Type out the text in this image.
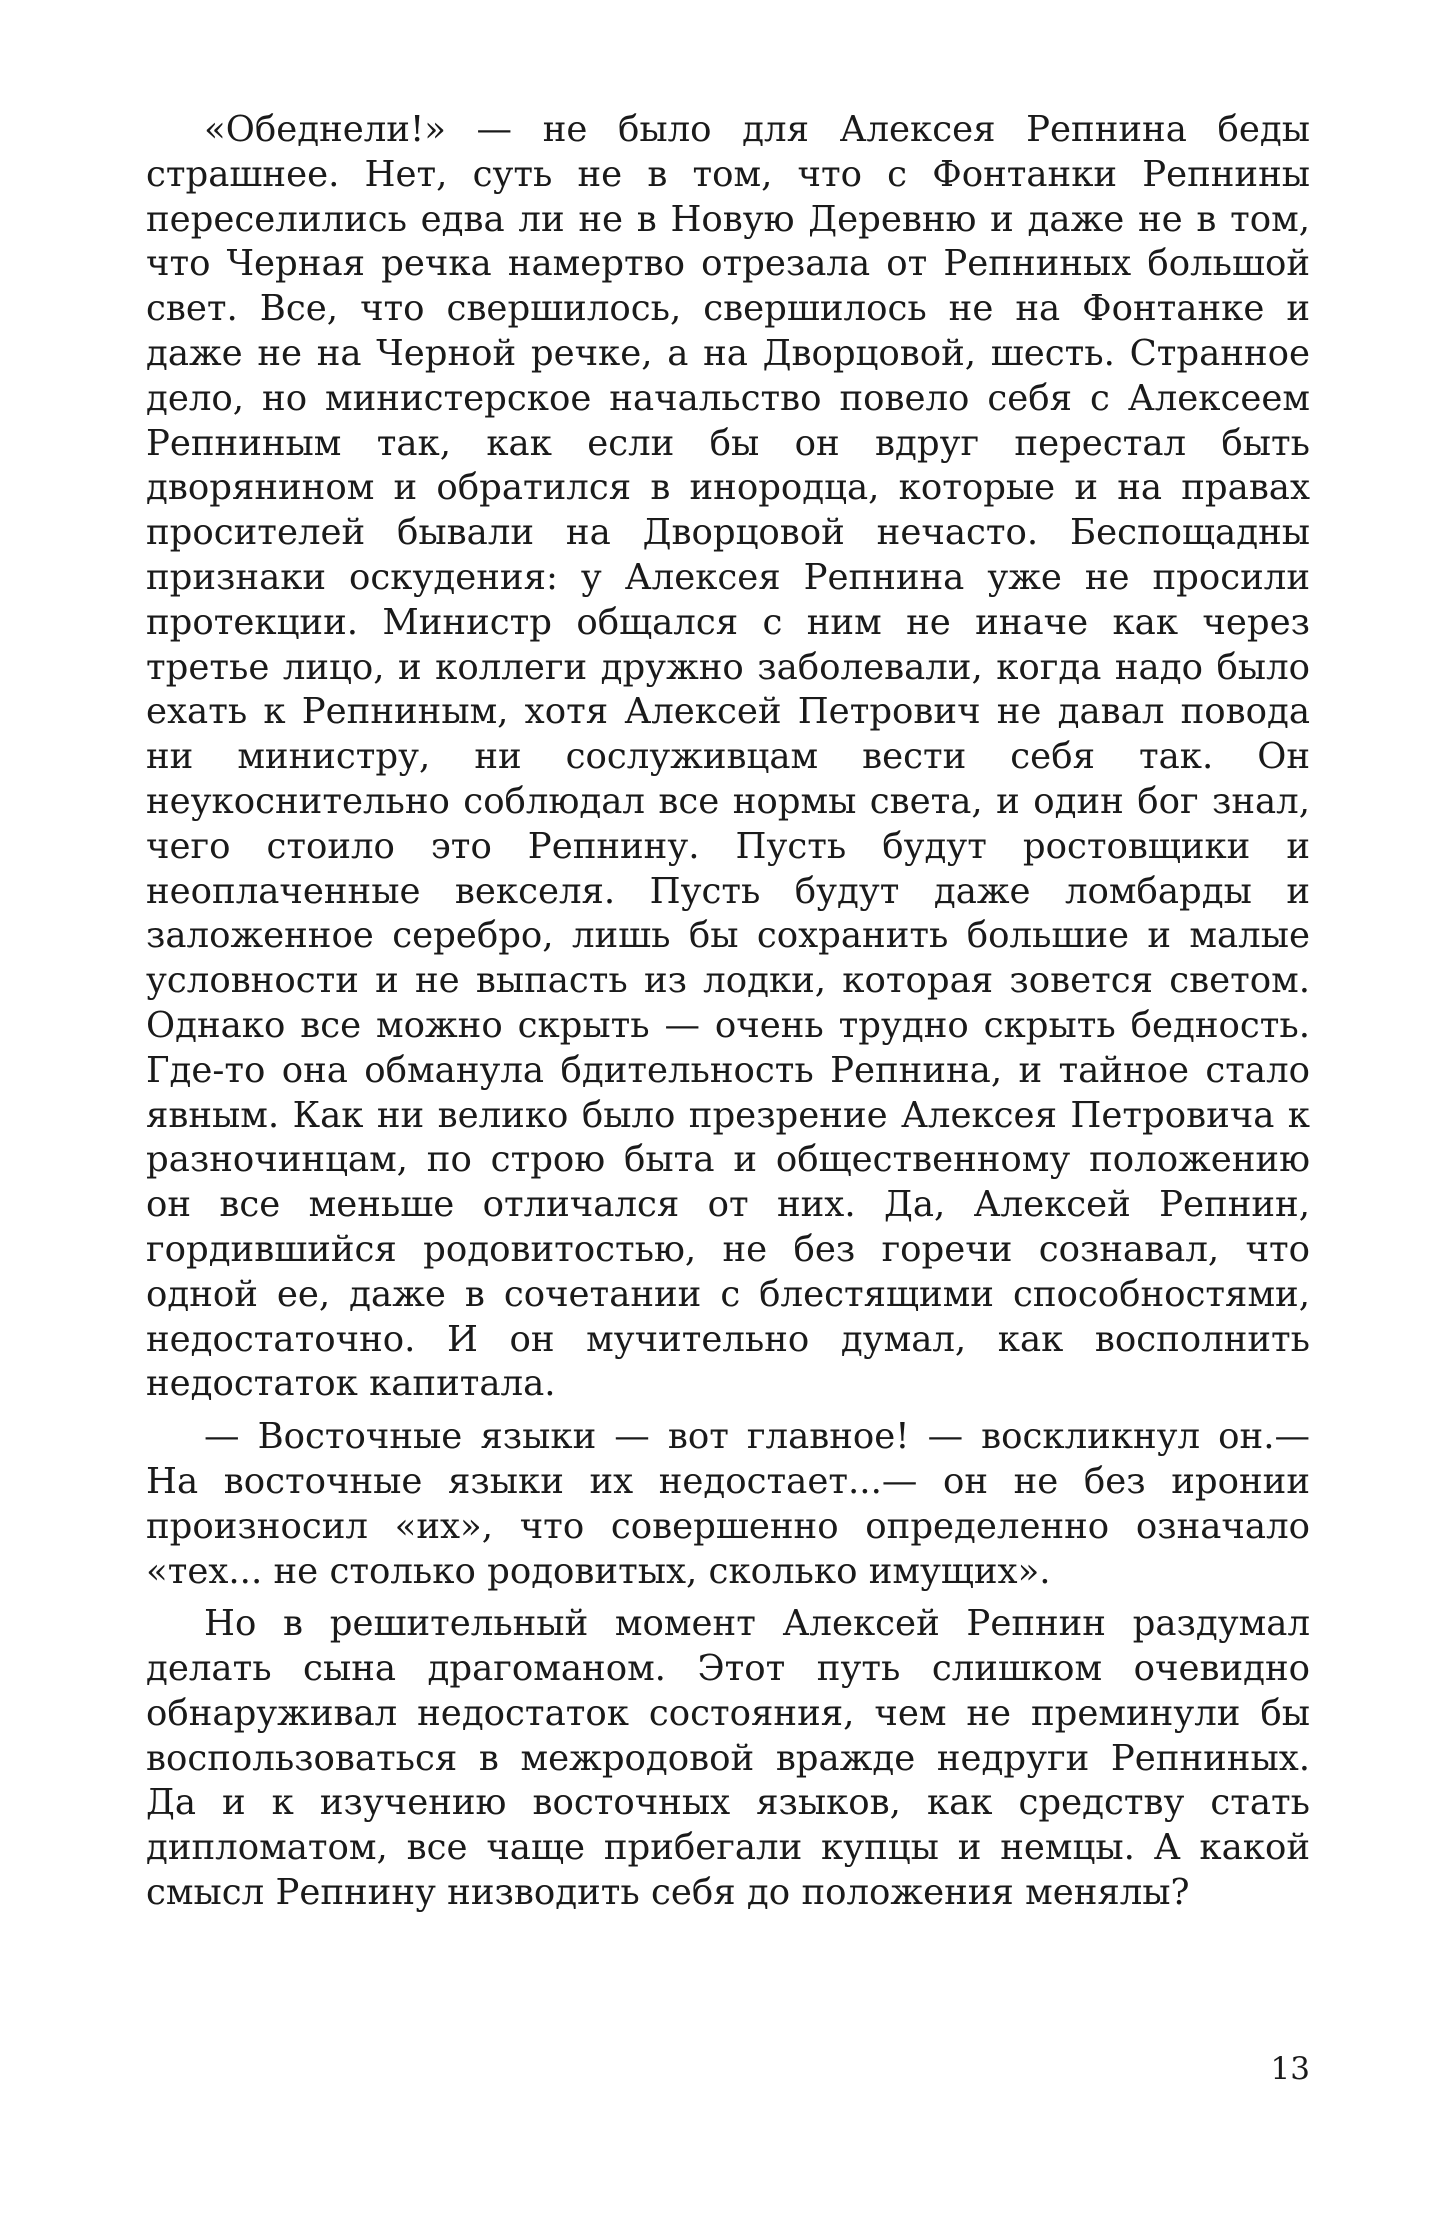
«Обеднели!» — не было для Алексея Репнина беды страшнее. Нет, суть не в том, что с Фонтанки Репнины переселились едва ли не в Новую Деревню и даже не в том, что Черная речка намертво отрезала от Репниных большой свет. Все, что свершилось, свершилось не на Фонтанке и даже не на Черной речке, а на Дворцовой, шесть. Странное дело, но министерское начальство повело себя с Алексеем Репниным так, как если бы он вдруг перестал быть дворянином и обратился в инородца, которые и на правах просителей бывали на Дворцовой нечасто. Беспощадны признаки оскудения: у Алексея Репнина уже не просили протекции. Министр общался с ним не иначе как через третье лицо, и коллеги дружно заболевали, когда надо было ехать к Репниным, хотя Алексей Петрович не давал повода ни министру, ни сослуживцам вести себя так. Он неукоснительно соблюдал все нормы света, и один бог знал, чего стоило это Репнину. Пусть будут ростовщики и неоплаченные векселя. Пусть будут даже ломбарды и заложенное серебро, лишь бы сохранить большие и малые условности и не выпасть из лодки, которая зовется светом. Однако все можно скрыть — очень трудно скрыть бедность. Где-то она обманула бдительность Репнина, и тайное стало явным. Как ни велико было презрение Алексея Петровича к разночинцам, по строю быта и общественному положению он все меньше отличался от них. Да, Алексей Репнин, гордившийся родовитостью, не без горечи сознавал, что одной ее, даже в сочетании с блестящими способностями, недостаточно. И он мучительно думал, как восполнить недостаток капитала.

— Восточные языки — вот главное! — воскликнул он.— На восточные языки их недостает...— он не без иронии произносил «их», что совершенно определенно означало «тех... не столько родовитых, сколько имущих».

Но в решительный момент Алексей Репнин раздумал делать сына драгоманом. Этот путь слишком очевидно обнаруживал недостаток состояния, чем не преминули бы воспользоваться в межродовой вражде недруги Репниных. Да и к изучению восточных языков, как средству стать дипломатом, все чаще прибегали купцы и немцы. А какой смысл Репнину низводить себя до положения менялы?

13
